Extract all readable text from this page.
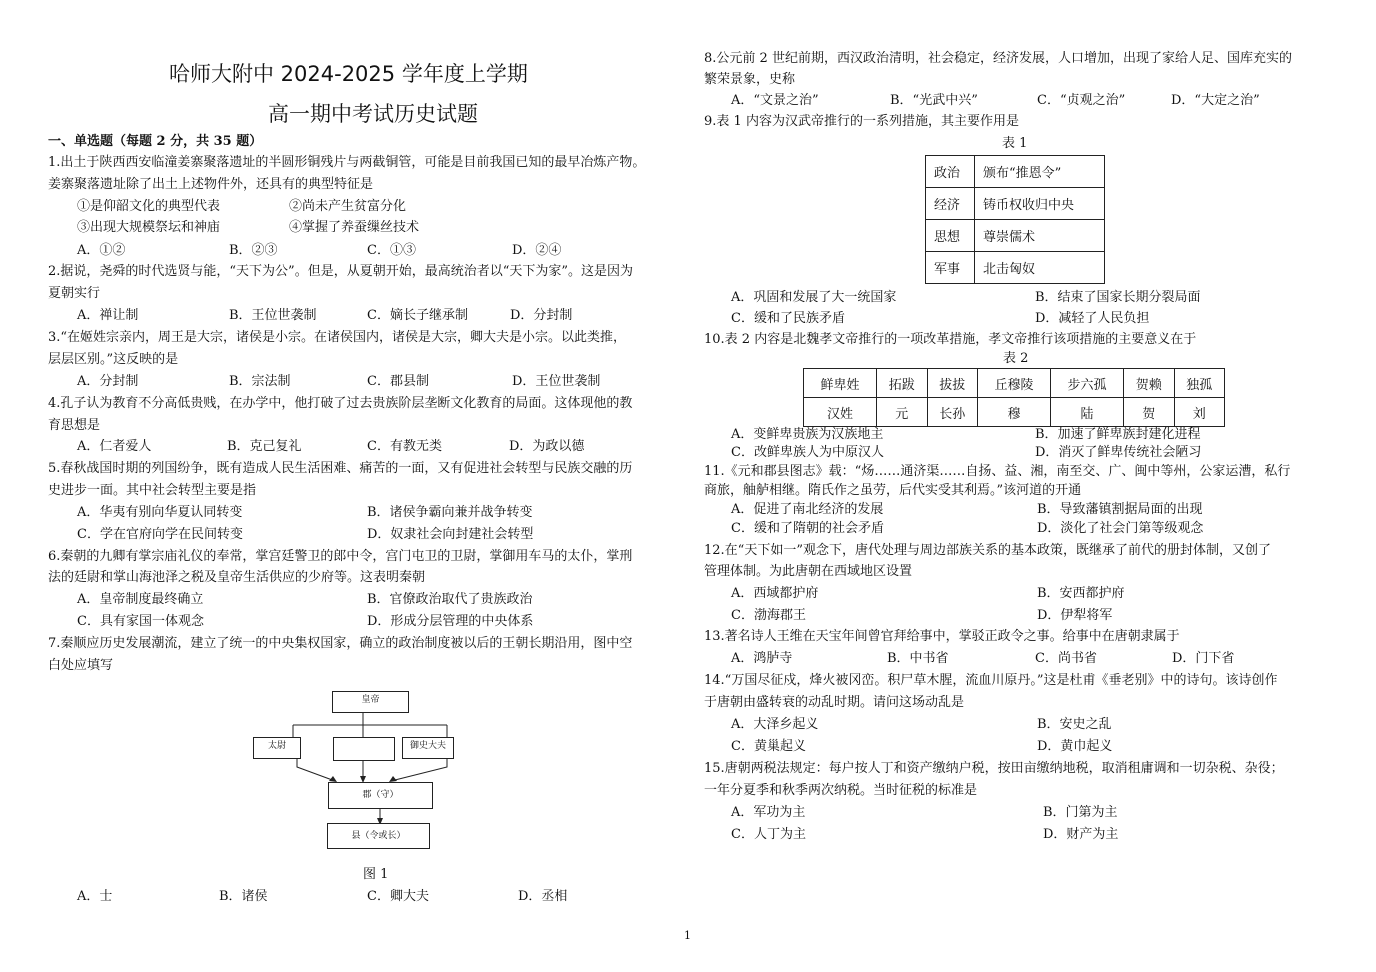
哈师大附中 2024-2025 学年度上学期
高一期中考试历史试题
一、单选题（每题 2 分，共 35 题）
1.出土于陕西西安临潼姜寨聚落遗址的半圆形铜残片与两截铜管，可能是目前我国已知的最早冶炼产物。
姜寨聚落遗址除了出土上述物件外，还具有的典型特征是
①是仰韶文化的典型代表	②尚未产生贫富分化
③出现大规模祭坛和神庙	④掌握了养蚕缫丝技术
A．①②	B．②③	C．①③	D．②④
2.据说，尧舜的时代选贤与能，“天下为公”。但是，从夏朝开始，最高统治者以“天下为家”。这是因为
夏朝实行
A．禅让制	B．王位世袭制	C．嫡长子继承制	D．分封制
3.“在姬姓宗亲内，周王是大宗，诸侯是小宗。在诸侯国内，诸侯是大宗，卿大夫是小宗。以此类推，
层层区别。”这反映的是
A．分封制	B．宗法制	C．郡县制	D．王位世袭制
4.孔子认为教育不分高低贵贱，在办学中，他打破了过去贵族阶层垄断文化教育的局面。这体现他的教
育思想是
A．仁者爱人	B．克己复礼	C．有教无类	D．为政以德
5.春秋战国时期的列国纷争，既有造成人民生活困难、痛苦的一面，又有促进社会转型与民族交融的历
史进步一面。其中社会转型主要是指
A．华夷有别向华夏认同转变	B．诸侯争霸向兼并战争转变
C．学在官府向学在民间转变	D．奴隶社会向封建社会转型
6.秦朝的九卿有掌宗庙礼仪的奉常，掌宫廷警卫的郎中令，宫门屯卫的卫尉，掌御用车马的太仆，掌刑
法的廷尉和掌山海池泽之税及皇帝生活供应的少府等。这表明秦朝
A．皇帝制度最终确立	B．官僚政治取代了贵族政治
C．具有家国一体观念	D．形成分层管理的中央体系
7.秦顺应历史发展潮流，建立了统一的中央集权国家，确立的政治制度被以后的王朝长期沿用，图中空
白处应填写
皇帝
太尉	御史大夫
郡（守）
县（令或长）
图 1
A．士	B．诸侯	C．卿大夫	D．丞相
8.公元前 2 世纪前期，西汉政治清明，社会稳定，经济发展，人口增加，出现了家给人足、国库充实的
繁荣景象，史称
A．“文景之治”	B．“光武中兴”	C．“贞观之治”	D．“大定之治”
9.表 1 内容为汉武帝推行的一系列措施，其主要作用是
表 1
政治	颁布“推恩令”
经济	铸币权收归中央
思想	尊崇儒术
军事	北击匈奴
A．巩固和发展了大一统国家	B．结束了国家长期分裂局面
C．缓和了民族矛盾	D．减轻了人民负担
10.表 2 内容是北魏孝文帝推行的一项改革措施，孝文帝推行该项措施的主要意义在于
表 2
鲜卑姓	拓跋	拔拔	丘穆陵	步六孤	贺赖	独孤
汉姓	元	长孙	穆	陆	贺	刘
A．变鲜卑贵族为汉族地主	B．加速了鲜卑族封建化进程
C．改鲜卑族人为中原汉人	D．消灭了鲜卑传统社会陋习
11.《元和郡县图志》载：“炀……通济渠……自扬、益、湘，南至交、广、闽中等州，公家运漕，私行
商旅，舳舻相继。隋氏作之虽劳，后代实受其利焉。”该河道的开通
A．促进了南北经济的发展	B．导致藩镇割据局面的出现
C．缓和了隋朝的社会矛盾	D．淡化了社会门第等级观念
12.在“天下如一”观念下，唐代处理与周边部族关系的基本政策，既继承了前代的册封体制，又创了
管理体制。为此唐朝在西域地区设置
A．西域都护府	B．安西都护府
C．渤海郡王	D．伊犁将军
13.著名诗人王维在天宝年间曾官拜给事中，掌驳正政令之事。给事中在唐朝隶属于
A．鸿胪寺	B．中书省	C．尚书省	D．门下省
14.“万国尽征戍，烽火被冈峦。积尸草木腥，流血川原丹。”这是杜甫《垂老别》中的诗句。该诗创作
于唐朝由盛转衰的动乱时期。请问这场动乱是
A．大泽乡起义	B．安史之乱
C．黄巢起义	D．黄巾起义
15.唐朝两税法规定：每户按人丁和资产缴纳户税，按田亩缴纳地税，取消租庸调和一切杂税、杂役；
一年分夏季和秋季两次纳税。当时征税的标准是
A．军功为主	B．门第为主
C．人丁为主	D．财产为主
1
